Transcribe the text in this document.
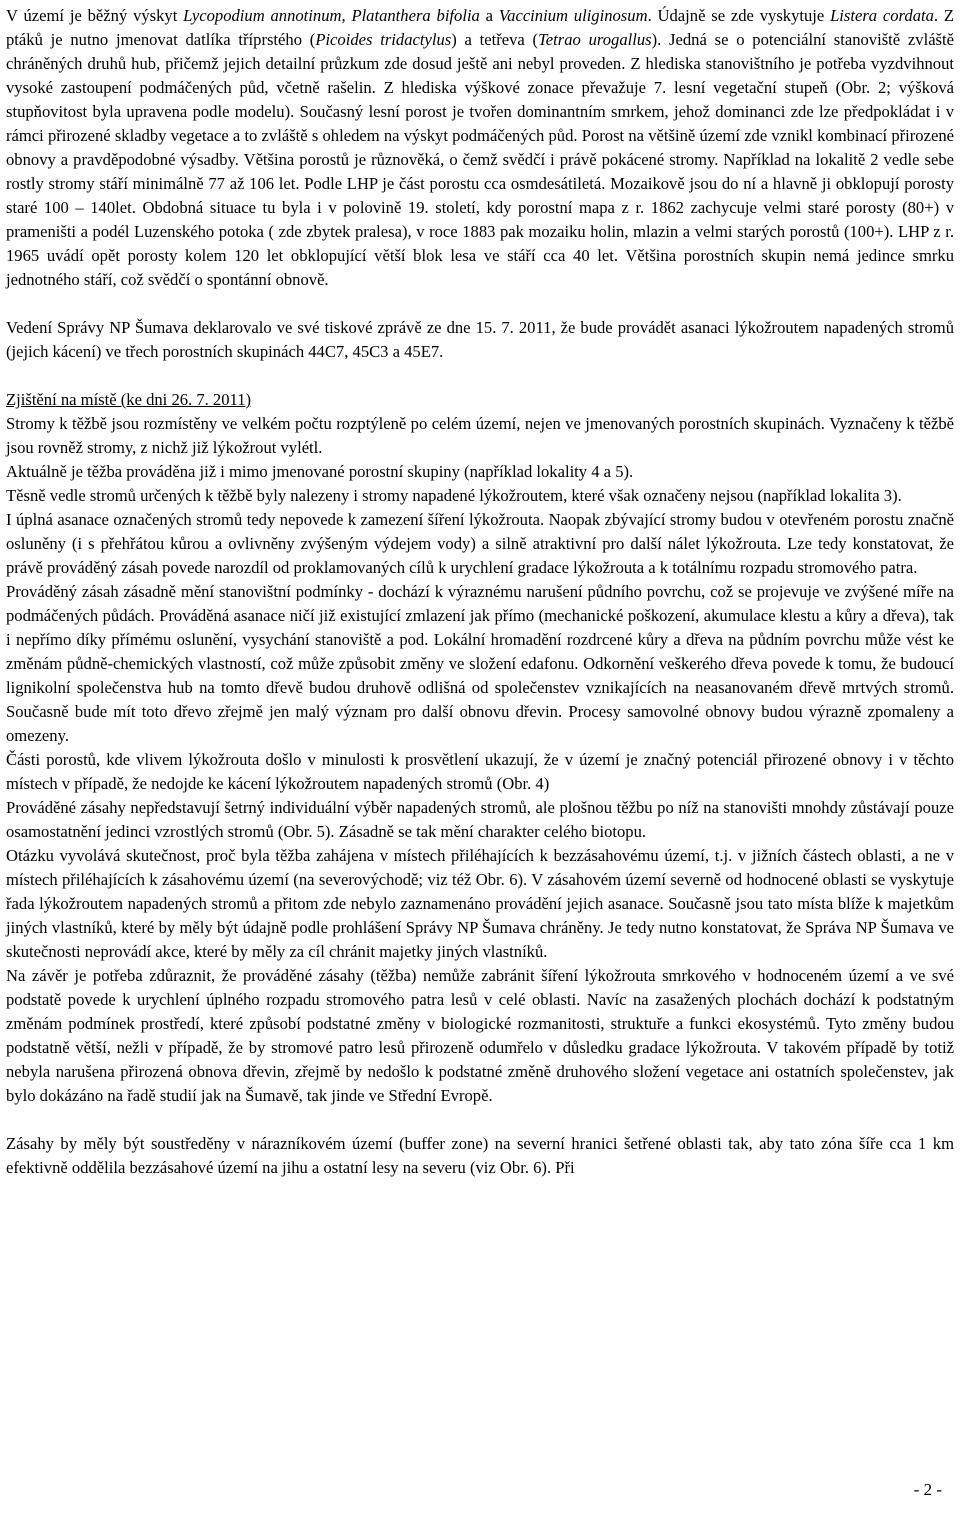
V území je běžný výskyt Lycopodium annotinum, Platanthera bifolia a Vaccinium uliginosum. Údajně se zde vyskytuje Listera cordata. Z ptáků je nutno jmenovat datlíka tříprstého (Picoides tridactylus) a tetřeva (Tetrao urogallus). Jedná se o potenciální stanoviště zvláště chráněných druhů hub, přičemž jejich detailní průzkum zde dosud ještě ani nebyl proveden. Z hlediska stanovištního je potřeba vyzdvihnout vysoké zastoupení podmáčených půd, včetně rašelin. Z hlediska výškové zonace převažuje 7. lesní vegetační stupeň (Obr. 2; výšková stupňovitost byla upravena podle modelu). Současný lesní porost je tvořen dominantním smrkem, jehož dominanci zde lze předpokládat i v rámci přirozené skladby vegetace a to zvláště s ohledem na výskyt podmáčených půd. Porost na většině území zde vznikl kombinací přirozené obnovy a pravděpodobné výsadby. Většina porostů je různověká, o čemž svědčí i právě pokácené stromy. Například na lokalitě 2 vedle sebe rostly stromy stáří minimálně 77 až 106 let. Podle LHP je část porostu cca osmdesátiletá. Mozaikově jsou do ní a hlavně ji obklopují porosty staré 100 – 140let. Obdobná situace tu byla i v polovině 19. století, kdy porostní mapa z r. 1862 zachycuje velmi staré porosty (80+) v prameništi a podél Luzenského potoka ( zde zbytek pralesa), v roce 1883 pak mozaiku holin, mlazin a velmi starých porostů (100+). LHP z r. 1965 uvádí opět porosty kolem 120 let obklopující větší blok lesa ve stáří cca 40 let. Většina porostních skupin nemá jedince smrku jednotného stáří, což svědčí o spontánní obnově.

Vedení Správy NP Šumava deklarovalo ve své tiskové zprávě ze dne 15. 7. 2011, že bude provádět asanaci lýkožroutem napadených stromů (jejich kácení) ve třech porostních skupinách 44C7, 45C3 a 45E7.

Zjištění na místě (ke dni 26. 7. 2011)

Stromy k těžbě jsou rozmístěny ve velkém počtu rozptýleně po celém území, nejen ve jmenovaných porostních skupinách. Vyznačeny k těžbě jsou rovněž stromy, z nichž již lýkožrout vylétl.

Aktuálně je těžba prováděna již i mimo jmenované porostní skupiny (například lokality 4 a 5).

Těsně vedle stromů určených k těžbě byly nalezeny i stromy napadené lýkožroutem, které však označeny nejsou (například lokalita 3).

I úplná asanace označených stromů tedy nepovede k zamezení šíření lýkožrouta. Naopak zbývající stromy budou v otevřeném porostu značně osluněny (i s přehřátou kůrou a ovlivněny zvýšeným výdejem vody) a silně atraktivní pro další nálet lýkožrouta. Lze tedy konstatovat, že právě prováděný zásah povede narozdíl od proklamovaných cílů k urychlení gradace lýkožrouta a k totálnímu rozpadu stromového patra.

Prováděný zásah zásadně mění stanovištní podmínky - dochází k výraznému narušení půdního povrchu, což se projevuje ve zvýšené míře na podmáčených půdách. Prováděná asanace ničí již existující zmlazení jak přímo (mechanické poškození, akumulace klestu a kůry a dřeva), tak i nepřímo díky přímému oslunění, vysychání stanoviště a pod. Lokální hromadění rozdrcené kůry a dřeva na půdním povrchu může vést ke změnám půdně-chemických vlastností, což může způsobit změny ve složení edafonu. Odkornění veškerého dřeva povede k tomu, že budoucí lignikolní společenstva hub na tomto dřevě budou druhově odlišná od společenstev vznikajících na neasanovaném dřevě mrtvých stromů. Současně bude mít toto dřevo zřejmě jen malý význam pro další obnovu dřevin. Procesy samovolné obnovy budou výrazně zpomaleny a omezeny.

Části porostů, kde vlivem lýkožrouta došlo v minulosti k prosvětlení ukazují, že v území je značný potenciál přirozené obnovy i v těchto místech v případě, že nedojde ke kácení lýkožroutem napadených stromů (Obr. 4)

Prováděné zásahy nepředstavují šetrný individuální výběr napadených stromů, ale plošnou těžbu po níž na stanovišti mnohdy zůstávají pouze osamostatnění jedinci vzrostlých stromů (Obr. 5). Zásadně se tak mění charakter celého biotopu.

Otázku vyvolává skutečnost, proč byla těžba zahájena v místech přiléhajících k bezzásahovému území, t.j. v jižních částech oblasti, a ne v místech přiléhajících k zásahovému území (na severovýchodě; viz též Obr. 6). V zásahovém území severně od hodnocené oblasti se vyskytuje řada lýkožroutem napadených stromů a přitom zde nebylo zaznamenáno provádění jejich asanace. Současně jsou tato místa blíže k majetkům jiných vlastníků, které by měly být údajně podle prohlášení Správy NP Šumava chráněny. Je tedy nutno konstatovat, že Správa NP Šumava ve skutečnosti neprovádí akce, které by měly za cíl chránit majetky jiných vlastníků.

Na závěr je potřeba zdůraznit, že prováděné zásahy (těžba) nemůže zabránit šíření lýkožrouta smrkového v hodnoceném území a ve své podstatě povede k urychlení úplného rozpadu stromového patra lesů v celé oblasti. Navíc na zasažených plochách dochází k podstatným změnám podmínek prostředí, které způsobí podstatné změny v biologické rozmanitosti, struktuře a funkci ekosystémů. Tyto změny budou podstatně větší, nežli v případě, že by stromové patro lesů přirozeně odumřelo v důsledku gradace lýkožrouta. V takovém případě by totiž nebyla narušena přirozená obnova dřevin, zřejmě by nedošlo k podstatné změně druhového složení vegetace ani ostatních společenstev, jak bylo dokázáno na řadě studií jak na Šumavě, tak jinde ve Střední Evropě.

Zásahy by měly být soustředěny v nárazníkovém území (buffer zone) na severní hranici šetřené oblasti tak, aby tato zóna šíře cca 1 km efektivně oddělila bezzásahové území na jihu a ostatní lesy na severu (viz Obr. 6). Při

- 2 -
